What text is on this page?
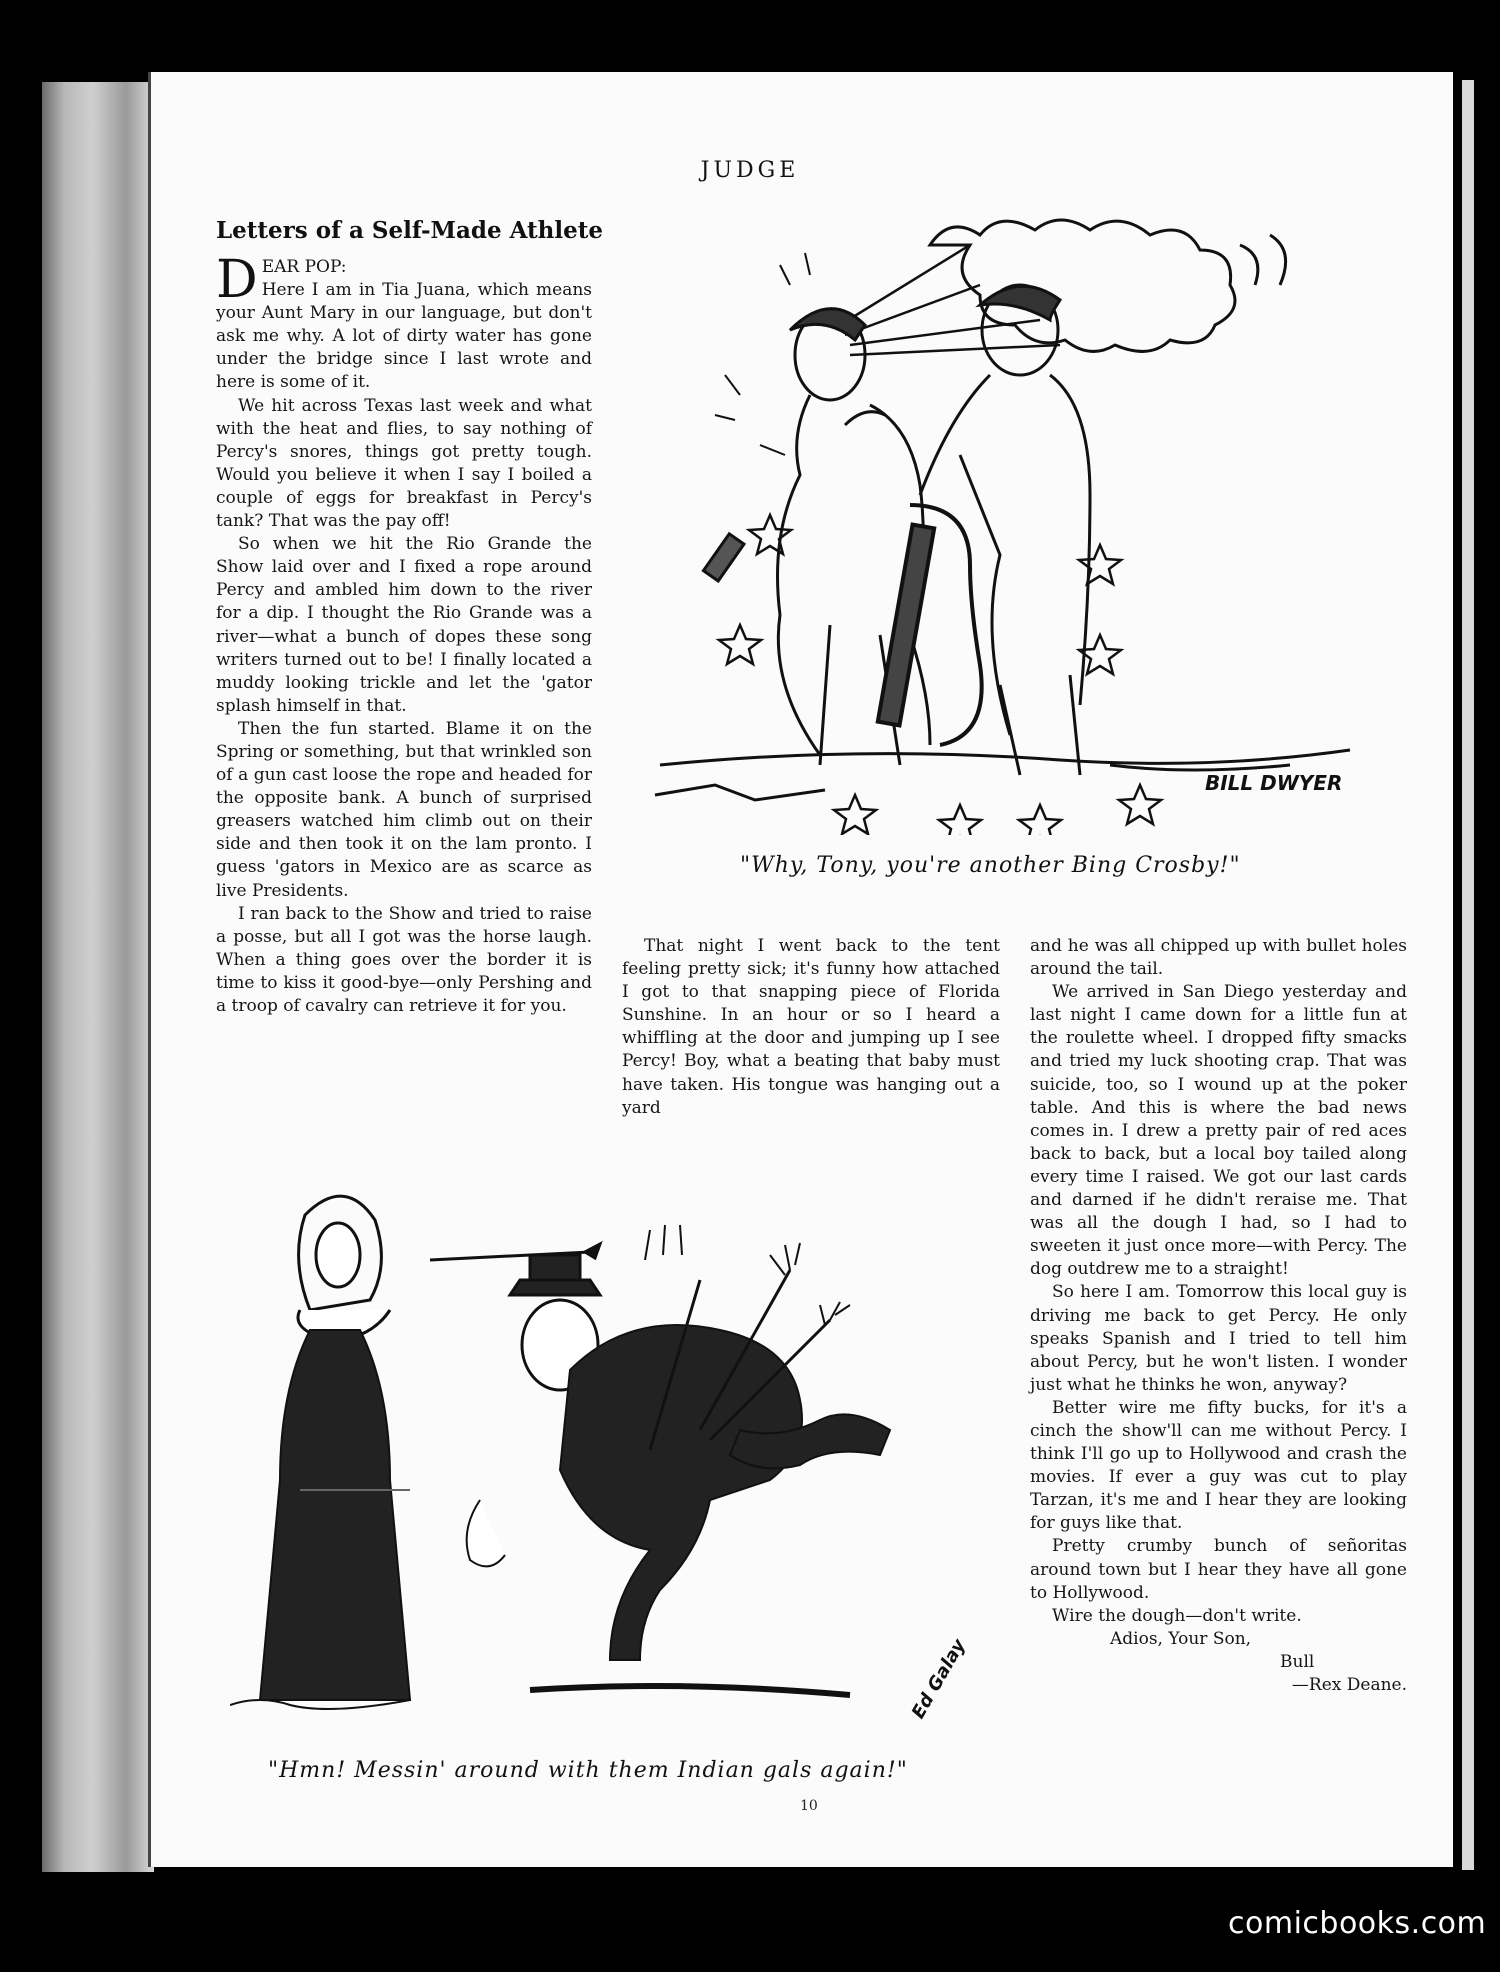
JUDGE
Letters of a Self-Made Athlete

DEAR POP:
Here I am in Tia Juana, which means your Aunt Mary in our language, but don't ask me why. A lot of dirty water has gone under the bridge since I last wrote and here is some of it.

We hit across Texas last week and what with the heat and flies, to say nothing of Percy's snores, things got pretty tough. Would you believe it when I say I boiled a couple of eggs for breakfast in Percy's tank? That was the pay off!

So when we hit the Rio Grande the Show laid over and I fixed a rope around Percy and ambled him down to the river for a dip. I thought the Rio Grande was a river—what a bunch of dopes these song writers turned out to be! I finally located a muddy looking trickle and let the 'gator splash himself in that.

Then the fun started. Blame it on the Spring or something, but that wrinkled son of a gun cast loose the rope and headed for the opposite bank. A bunch of surprised greasers watched him climb out on their side and then took it on the lam pronto. I guess 'gators in Mexico are as scarce as live Presidents.

I ran back to the Show and tried to raise a posse, but all I got was the horse laugh. When a thing goes over the border it is time to kiss it good-bye—only Pershing and a troop of cavalry can retrieve it for you.

That night I went back to the tent feeling pretty sick; it's funny how attached I got to that snapping piece of Florida Sunshine. In an hour or so I heard a whiffling at the door and jumping up I see Percy! Boy, what a beating that baby must have taken. His tongue was hanging out a yard

and he was all chipped up with bullet holes around the tail.

We arrived in San Diego yesterday and last night I came down for a little fun at the roulette wheel. I dropped fifty smacks and tried my luck shooting crap. That was suicide, too, so I wound up at the poker table. And this is where the bad news comes in. I drew a pretty pair of red aces back to back, but a local boy tailed along every time I raised. We got our last cards and darned if he didn't reraise me. That was all the dough I had, so I had to sweeten it just once more—with Percy. The dog outdrew me to a straight!

So here I am. Tomorrow this local guy is driving me back to get Percy. He only speaks Spanish and I tried to tell him about Percy, but he won't listen. I wonder just what he thinks he won, anyway?

Better wire me fifty bucks, for it's a cinch the show'll can me without Percy. I think I'll go up to Hollywood and crash the movies. If ever a guy was cut to play Tarzan, it's me and I hear they are looking for guys like that.

Pretty crumby bunch of señoritas around town but I hear they have all gone to Hollywood.

Wire the dough—don't write.

Adios, Your Son,

Bull

—Rex Deane.

BILL DWYER
"Why, Tony, you're another Bing Crosby!"
Ed Galay
"Hmn! Messin' around with them Indian gals again!"
10
comicbooks.com
